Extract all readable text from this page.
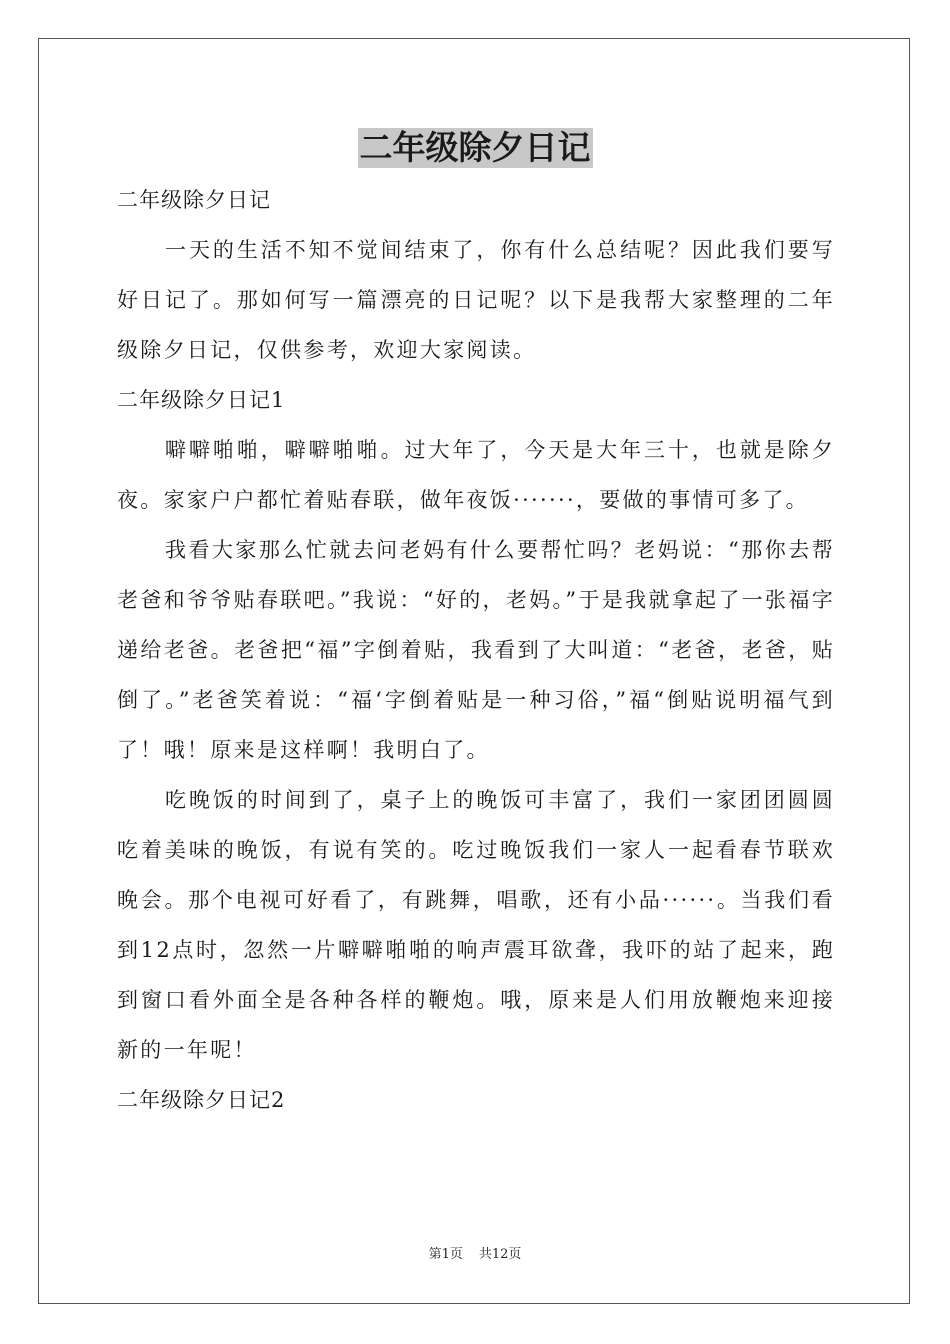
二年级除夕日记
二年级除夕日记

一天的生活不知不觉间结束了，你有什么总结呢？因此我们要写好日记了。那如何写一篇漂亮的日记呢？以下是我帮大家整理的二年级除夕日记，仅供参考，欢迎大家阅读。

二年级除夕日记1

噼噼啪啪，噼噼啪啪。过大年了，今天是大年三十，也就是除夕夜。家家户户都忙着贴春联，做年夜饭·······，要做的事情可多了。

我看大家那么忙就去问老妈有什么要帮忙吗？老妈说：“那你去帮老爸和爷爷贴春联吧。”我说：“好的，老妈。”于是我就拿起了一张福字递给老爸。老爸把“福”字倒着贴，我看到了大叫道：“老爸，老爸，贴倒了。”老爸笑着说：“福‘字倒着贴是一种习俗，”福“倒贴说明福气到了！哦！原来是这样啊！我明白了。

吃晚饭的时间到了，桌子上的晚饭可丰富了，我们一家团团圆圆吃着美味的晚饭，有说有笑的。吃过晚饭我们一家人一起看春节联欢晚会。那个电视可好看了，有跳舞，唱歌，还有小品······。当我们看到12点时，忽然一片噼噼啪啪的响声震耳欲聋，我吓的站了起来，跑到窗口看外面全是各种各样的鞭炮。哦，原来是人们用放鞭炮来迎接新的一年呢！

二年级除夕日记2
第1页 共12页
